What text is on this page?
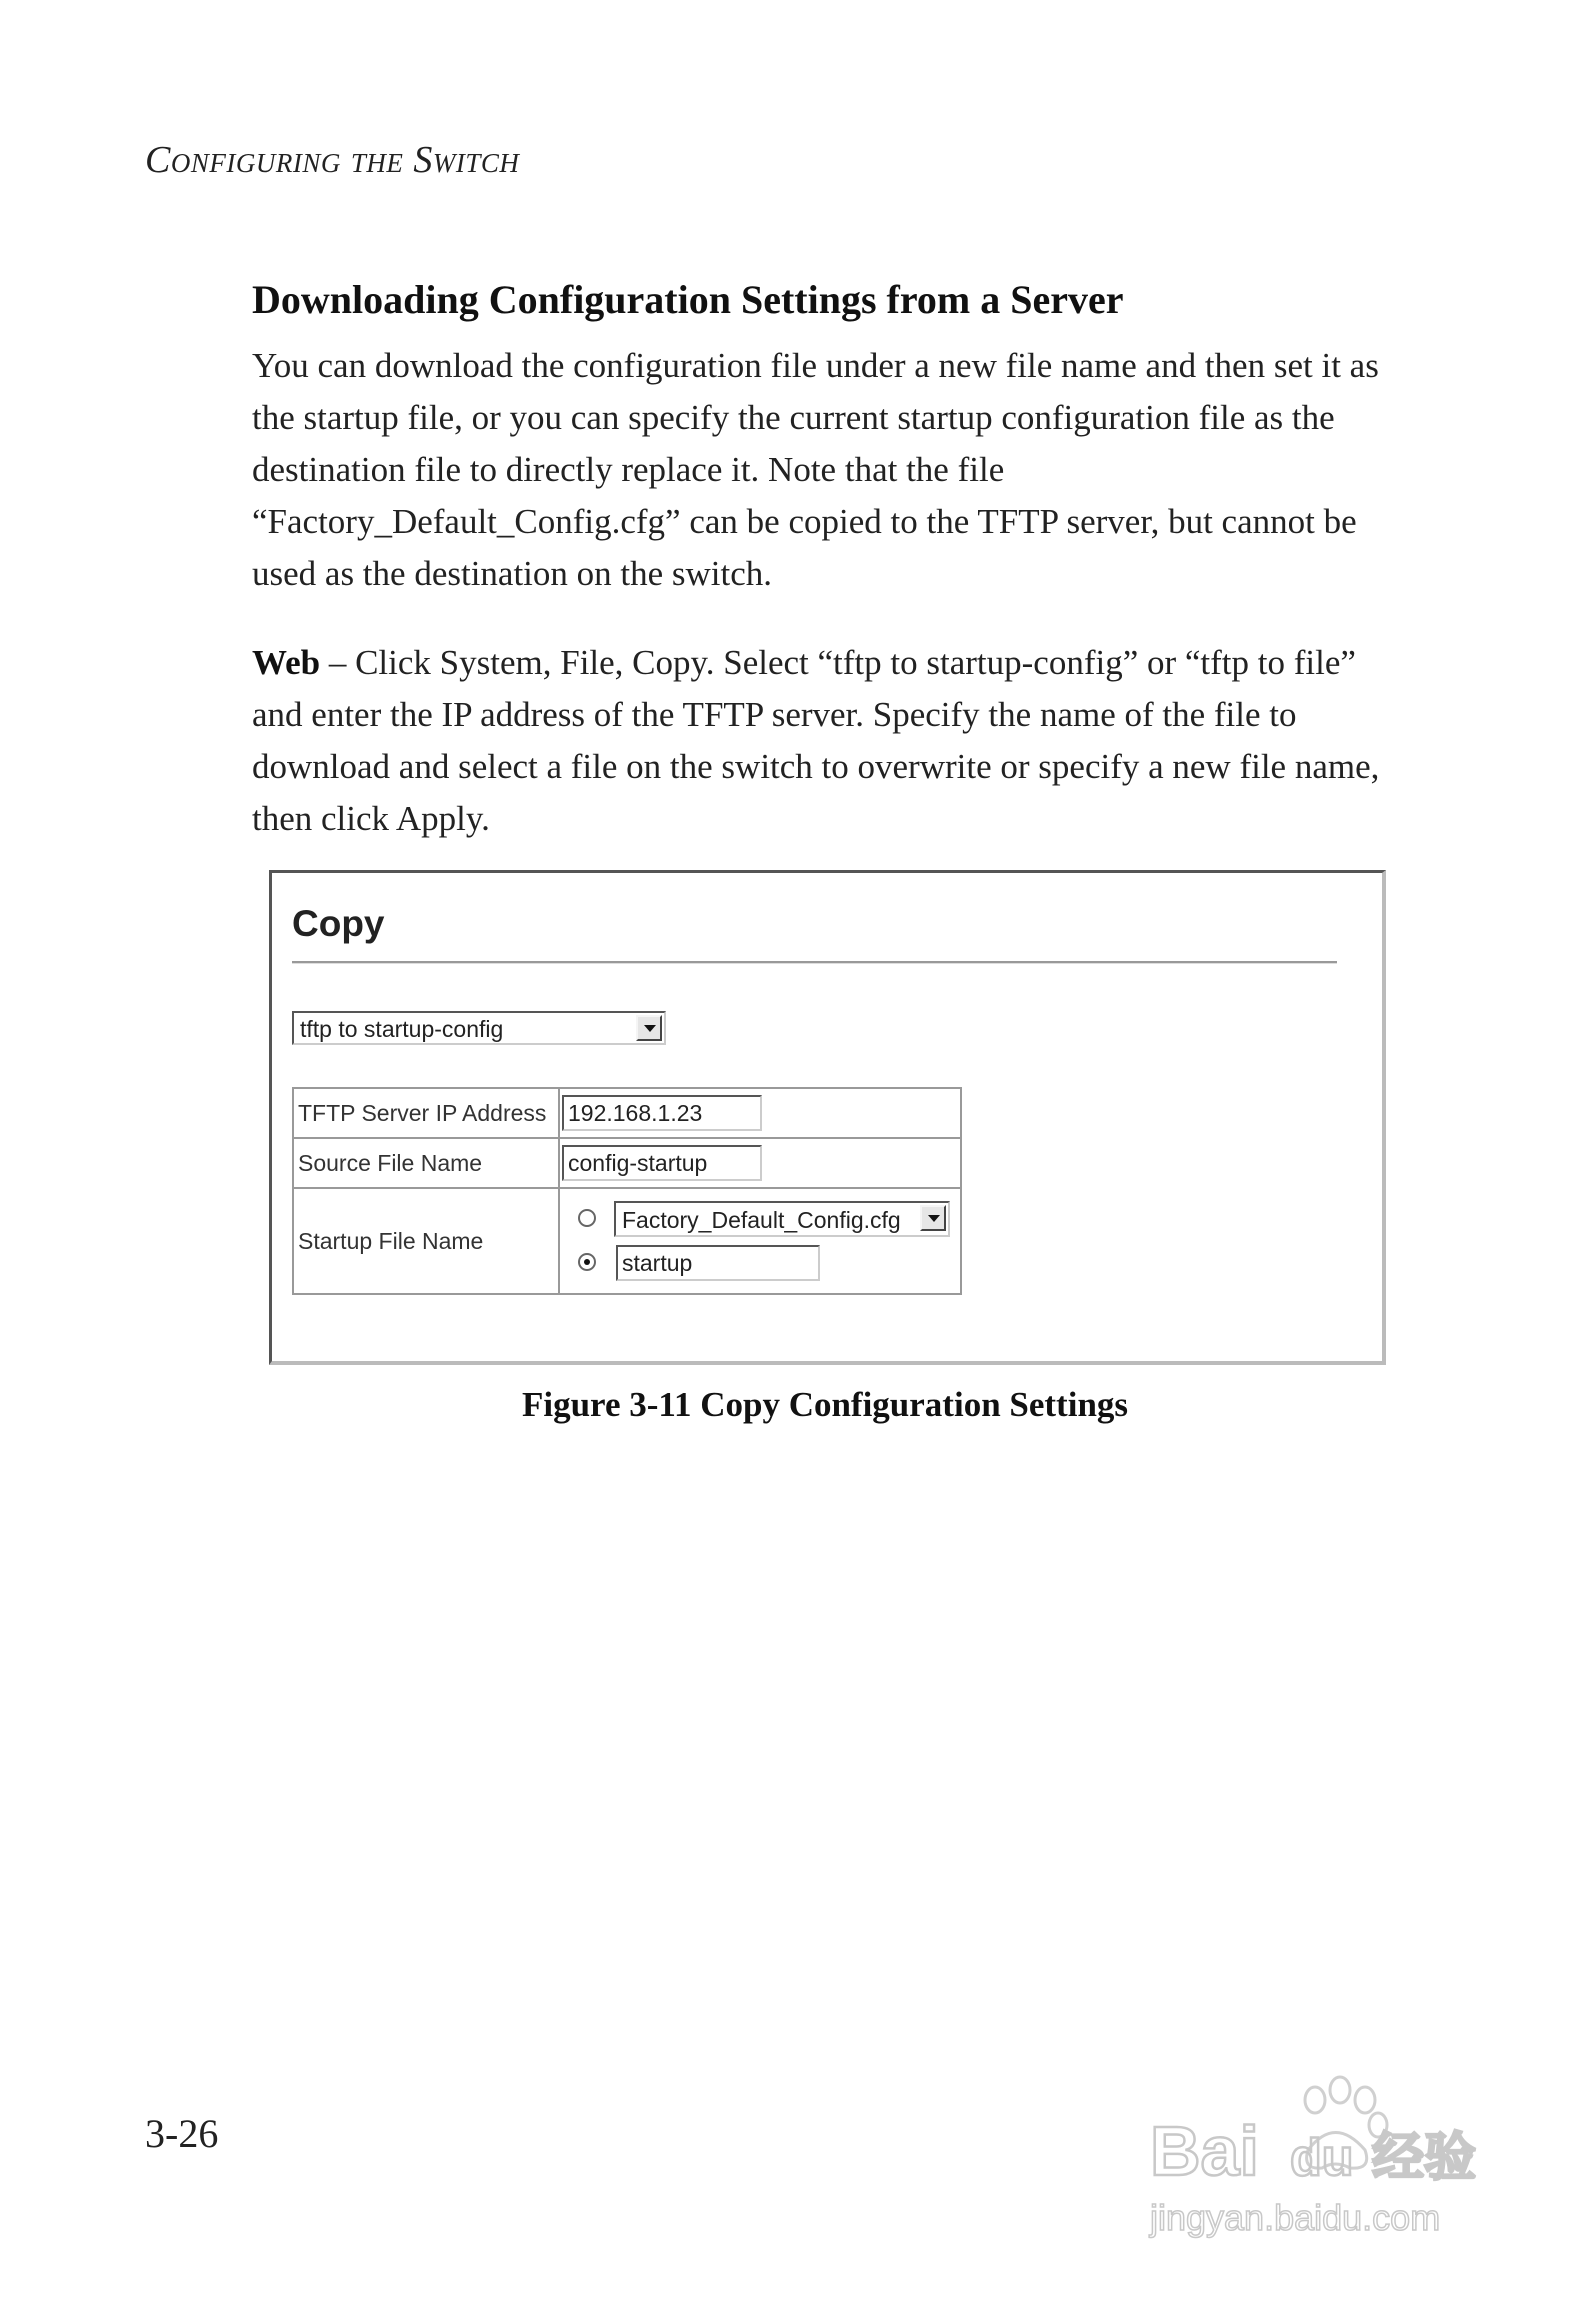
Configuring the Switch
Downloading Configuration Settings from a Server

You can download the configuration file under a new file name and then set it as the startup file, or you can specify the current startup configuration file as the destination file to directly replace it. Note that the file “Factory_Default_Config.cfg” can be copied to the TFTP server, but cannot be used as the destination on the switch.

Web – Click System, File, Copy. Select “tftp to startup-config” or “tftp to file” and enter the IP address of the TFTP server. Specify the name of the file to download and select a file on the switch to overwrite or specify a new file name, then click Apply.

Copy
tftp to startup-config
TFTP Server IP Address	192.168.1.23

Source File Name	config-startup

Startup File Name	Factory_Default_Config.cfg
startup
Figure 3-11 Copy Configuration Settings
3-26	Bai du 经验
jingyan.baidu.com
